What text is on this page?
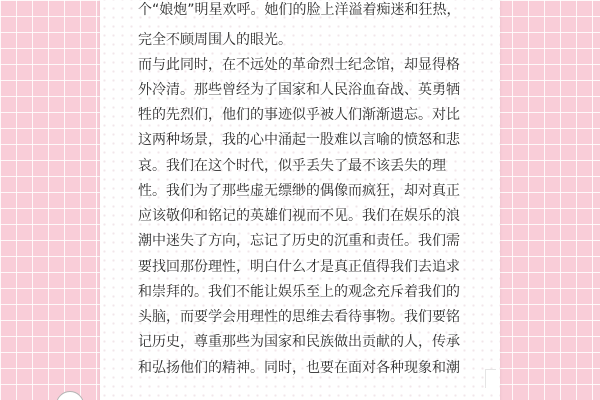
个“娘炮”明星欢呼。她们的脸上洋溢着痴迷和狂热，
完全不顾周围人的眼光。
而与此同时，在不远处的革命烈士纪念馆，却显得格
外冷清。那些曾经为了国家和人民浴血奋战、英勇牺
牲的先烈们，他们的事迹似乎被人们渐渐遗忘。对比
这两种场景，我的心中涌起一股难以言喻的愤怒和悲
哀。我们在这个时代，似乎丢失了最不该丢失的理
性。我们为了那些虚无缥缈的偶像而疯狂，却对真正
应该敬仰和铭记的英雄们视而不见。我们在娱乐的浪
潮中迷失了方向，忘记了历史的沉重和责任。我们需
要找回那份理性，明白什么才是真正值得我们去追求
和崇拜的。我们不能让娱乐至上的观念充斥着我们的
头脑，而要学会用理性的思维去看待事物。我们要铭
记历史，尊重那些为国家和民族做出贡献的人，传承
和弘扬他们的精神。同时，也要在面对各种现象和潮
